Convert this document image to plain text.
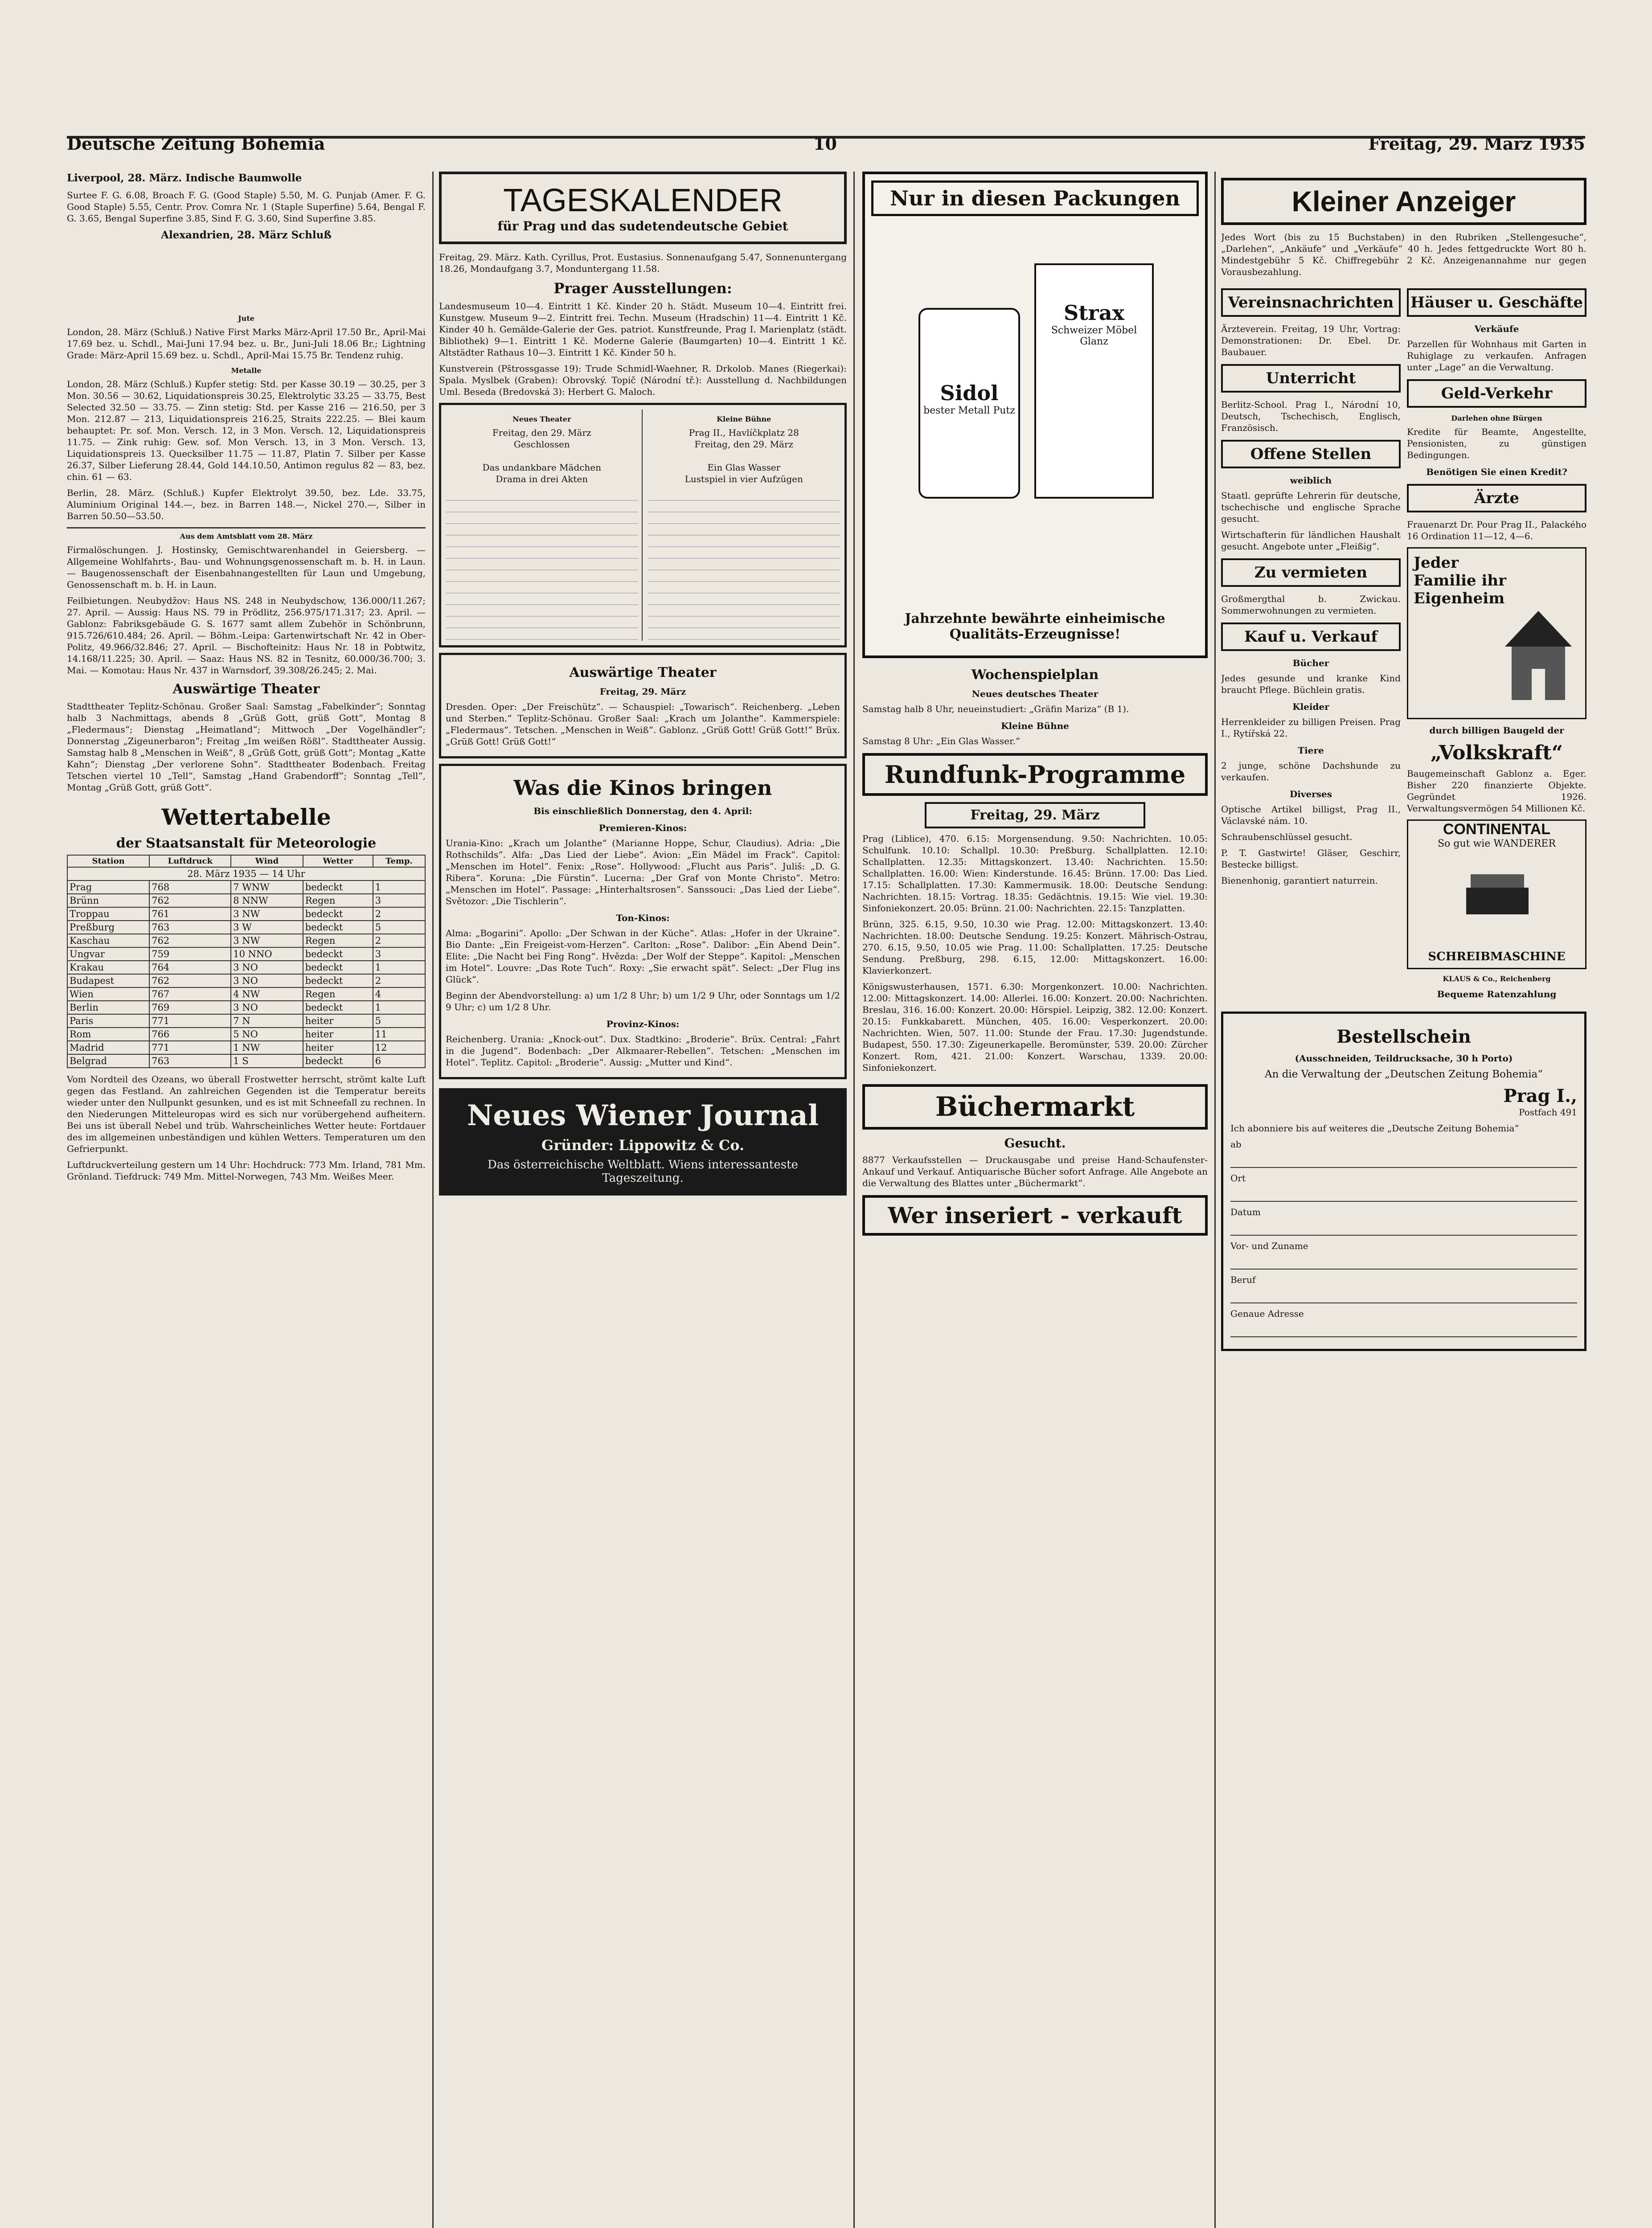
Deutsche Zeitung Bohemia	10	Freitag, 29. März 1935

Liverpool, 28. März. Indische Baumwolle

Surtee F. G. 6.08, Broach F. G. (Good Staple) 5.50, M. G. Punjab (Amer. F. G. Good Staple) 5.55, Centr. Prov. Comra Nr. 1 (Staple Superfine) 5.64, Bengal F. G. 3.65, Bengal Superfine 3.85, Sind F. G. 3.60, Sind Superfine 3.85.

Alexandrien, 28. März Schluß

Jute

London, 28. März (Schluß.) Native First Marks März-April 17.50 Br., April-Mai 17.69 bez. u. Schdl., Mai-Juni 17.94 bez. u. Br., Juni-Juli 18.06 Br.; Lightning Grade: März-April 15.69 bez. u. Schdl., April-Mai 15.75 Br. Tendenz ruhig.

Metalle

London, 28. März (Schluß.) Kupfer stetig: Std. per Kasse 30.19 — 30.25, per 3 Mon. 30.56 — 30.62, Liquidationspreis 30.25, Elektrolytic 33.25 — 33.75, Best Selected 32.50 — 33.75. — Zinn stetig: Std. per Kasse 216 — 216.50, per 3 Mon. 212.87 — 213, Liquidationspreis 216.25, Straits 222.25. — Blei kaum behauptet: Pr. sof. Mon. Versch. 12, in 3 Mon. Versch. 12, Liquidationspreis 11.75. — Zink ruhig: Gew. sof. Mon Versch. 13, in 3 Mon. Versch. 13, Liquidationspreis 13. Quecksilber 11.75 — 11.87, Platin 7. Silber per Kasse 26.37, Silber Lieferung 28.44, Gold 144.10.50, Antimon regulus 82 — 83, bez. chin. 61 — 63.

Berlin, 28. März. (Schluß.) Kupfer Elektrolyt 39.50, bez. Lde. 33.75, Aluminium Original 144.—, bez. in Barren 148.—, Nickel 270.—, Silber in Barren 50.50—53.50.

Aus dem Amtsblatt vom 28. März

Firmalöschungen. J. Hostinsky, Gemischtwarenhandel in Geiersberg. — Allgemeine Wohlfahrts-, Bau- und Wohnungsgenossenschaft m. b. H. in Laun. — Baugenossenschaft der Eisenbahnangestellten für Laun und Umgebung, Genossenschaft m. b. H. in Laun.

Feilbietungen. Neubydžov: Haus NS. 248 in Neubydschow, 136.000/11.267; 27. April. — Aussig: Haus NS. 79 in Prödlitz, 256.975/171.317; 23. April. — Gablonz: Fabriksgebäude G. S. 1677 samt allem Zubehör in Schönbrunn, 915.726/610.484; 26. April. — Böhm.-Leipa: Gartenwirtschaft Nr. 42 in Ober-Politz, 49.966/32.846; 27. April. — Bischofteinitz: Haus Nr. 18 in Pobtwitz, 14.168/11.225; 30. April. — Saaz: Haus NS. 82 in Tesnitz, 60.000/36.700; 3. Mai. — Komotau: Haus Nr. 437 in Warnsdorf, 39.308/26.245; 2. Mai.

Auswärtige Theater

Stadttheater Teplitz-Schönau. Großer Saal: Samstag „Fabelkinder“; Sonntag halb 3 Nachmittags, abends 8 „Grüß Gott, grüß Gott“, Montag 8 „Fledermaus“; Dienstag „Heimatland“; Mittwoch „Der Vogelhändler“; Donnerstag „Zigeunerbaron“; Freitag „Im weißen Rößl“. Stadttheater Aussig. Samstag halb 8 „Menschen in Weiß“, 8 „Grüß Gott, grüß Gott“; Montag „Katte Kahn“; Dienstag „Der verlorene Sohn“. Stadttheater Bodenbach. Freitag Tetschen viertel 10 „Tell“, Samstag „Hand Grabendorff“; Sonntag „Tell“, Montag „Grüß Gott, grüß Gott“.

Wettertabelle
der Staatsanstalt für Meteorologie
Station	Luftdruck	Wind	Wetter	Temp.
28. März 1935 — 14 Uhr				
Prag	768	7 WNW	bedeckt	1
Brünn	762	8 NNW	Regen	3
Troppau	761	3 NW	bedeckt	2
Preßburg	763	3 W	bedeckt	5
Kaschau	762	3 NW	Regen	2
Ungvar	759	10 NNO	bedeckt	3
Krakau	764	3 NO	bedeckt	1
Budapest	762	3 NO	bedeckt	2
Wien	767	4 NW	Regen	4
Berlin	769	3 NO	bedeckt	1
Paris	771	7 N	heiter	5
Rom	766	5 NO	heiter	11
Madrid	771	1 NW	heiter	12
Belgrad	763	1 S	bedeckt	6

Vom Nordteil des Ozeans, wo überall Frostwetter herrscht, strömt kalte Luft gegen das Festland. An zahlreichen Gegenden ist die Temperatur bereits wieder unter den Nullpunkt gesunken, und es ist mit Schneefall zu rechnen. In den Niederungen Mitteleuropas wird es sich nur vorübergehend aufheitern. Bei uns ist überall Nebel und trüb. Wahrscheinliches Wetter heute: Fortdauer des im allgemeinen unbeständigen und kühlen Wetters. Temperaturen um den Gefrierpunkt.

Luftdruckverteilung gestern um 14 Uhr: Hochdruck: 773 Mm. Irland, 781 Mm. Grönland. Tiefdruck: 749 Mm. Mittel-Norwegen, 743 Mm. Weißes Meer.

TAGESKALENDER
für Prag und das sudetendeutsche Gebiet

Freitag, 29. März. Kath. Cyrillus, Prot. Eustasius. Sonnenaufgang 5.47, Sonnenuntergang 18.26, Mondaufgang 3.7, Monduntergang 11.58.

Prager Ausstellungen:

Landesmuseum 10—4. Eintritt 1 Kč. Kinder 20 h. Städt. Museum 10—4. Eintritt frei. Kunstgew. Museum 9—2. Eintritt frei. Techn. Museum (Hradschin) 11—4. Eintritt 1 Kč. Kinder 40 h. Gemälde-Galerie der Ges. patriot. Kunstfreunde, Prag I. Marienplatz (städt. Bibliothek) 9—1. Eintritt 1 Kč. Moderne Galerie (Baumgarten) 10—4. Eintritt 1 Kč. Altstädter Rathaus 10—3. Eintritt 1 Kč. Kinder 50 h.

Kunstverein (Pštrossgasse 19): Trude Schmidl-Waehner, R. Drkolob. Manes (Riegerkai): Spala. Myslbek (Graben): Obrovský. Topič (Národní tř.): Ausstellung d. Nachbildungen Uml. Beseda (Bredovská 3): Herbert G. Maloch.

Neues Theater
Freitag, den 29. März
Geschlossen

Das undankbare Mädchen
Drama in drei Akten
Kleine Bühne
Prag II., Havlíčkplatz 28
Freitag, den 29. März

Ein Glas Wasser
Lustspiel in vier Aufzügen
Auswärtige Theater
Freitag, 29. März

Dresden. Oper: „Der Freischütz“. — Schauspiel: „Towarisch“. Reichenberg. „Leben und Sterben.“ Teplitz-Schönau. Großer Saal: „Krach um Jolanthe“. Kammerspiele: „Fledermaus“. Tetschen. „Menschen in Weiß“. Gablonz. „Grüß Gott! Grüß Gott!“ Brüx. „Grüß Gott! Grüß Gott!“

Was die Kinos bringen
Bis einschließlich Donnerstag, den 4. April:
Premieren-Kinos:

Urania-Kino: „Krach um Jolanthe“ (Marianne Hoppe, Schur, Claudius). Adria: „Die Rothschilds“. Alfa: „Das Lied der Liebe“. Avion: „Ein Mädel im Frack“. Capitol: „Menschen im Hotel“. Fenix: „Rose“. Hollywood: „Flucht aus Paris“. Juliš: „D. G. Ribera“. Koruna: „Die Fürstin“. Lucerna: „Der Graf von Monte Christo“. Metro: „Menschen im Hotel“. Passage: „Hinterhaltsrosen“. Sanssouci: „Das Lied der Liebe“. Světozor: „Die Tischlerin“.

Ton-Kinos:

Alma: „Bogarini“. Apollo: „Der Schwan in der Küche“. Atlas: „Hofer in der Ukraine“. Bio Dante: „Ein Freigeist-vom-Herzen“. Carlton: „Rose“. Dalibor: „Ein Abend Dein“. Elite: „Die Nacht bei Fing Rong“. Hvězda: „Der Wolf der Steppe“. Kapitol: „Menschen im Hotel“. Louvre: „Das Rote Tuch“. Roxy: „Sie erwacht spät“. Select: „Der Flug ins Glück“.

Beginn der Abendvorstellung: a) um 1/2 8 Uhr; b) um 1/2 9 Uhr, oder Sonntags um 1/2 9 Uhr; c) um 1/2 8 Uhr.

Provinz-Kinos:

Reichenberg. Urania: „Knock-out“. Dux. Stadtkino: „Broderie“. Brüx. Central: „Fahrt in die Jugend“. Bodenbach: „Der Alkmaarer-Rebellen“. Tetschen: „Menschen im Hotel“. Teplitz. Capitol: „Broderie“. Aussig: „Mutter und Kind“.

Neues Wiener Journal
Gründer: Lippowitz & Co.
Das österreichische Weltblatt. Wiens interessanteste Tageszeitung.
Nur in diesen Packungen
Sidol
bester Metall Putz
Strax
Schweizer Möbel Glanz
Jahrzehnte bewährte einheimische Qualitäts-Erzeugnisse!
Wochenspielplan
Neues deutsches Theater

Samstag halb 8 Uhr, neueinstudiert: „Gräfin Mariza“ (B 1).

Kleine Bühne

Samstag 8 Uhr: „Ein Glas Wasser.“

Rundfunk-Programme
Freitag, 29. März

Prag (Liblice), 470. 6.15: Morgensendung. 9.50: Nachrichten. 10.05: Schulfunk. 10.10: Schallpl. 10.30: Preßburg. Schallplatten. 12.10: Schallplatten. 12.35: Mittagskonzert. 13.40: Nachrichten. 15.50: Schallplatten. 16.00: Wien: Kinderstunde. 16.45: Brünn. 17.00: Das Lied. 17.15: Schallplatten. 17.30: Kammermusik. 18.00: Deutsche Sendung: Nachrichten. 18.15: Vortrag. 18.35: Gedächtnis. 19.15: Wie viel. 19.30: Sinfoniekonzert. 20.05: Brünn. 21.00: Nachrichten. 22.15: Tanzplatten.

Brünn, 325. 6.15, 9.50, 10.30 wie Prag. 12.00: Mittagskonzert. 13.40: Nachrichten. 18.00: Deutsche Sendung. 19.25: Konzert. Mährisch-Ostrau, 270. 6.15, 9.50, 10.05 wie Prag. 11.00: Schallplatten. 17.25: Deutsche Sendung. Preßburg, 298. 6.15, 12.00: Mittagskonzert. 16.00: Klavierkonzert.

Königswusterhausen, 1571. 6.30: Morgenkonzert. 10.00: Nachrichten. 12.00: Mittagskonzert. 14.00: Allerlei. 16.00: Konzert. 20.00: Nachrichten. Breslau, 316. 16.00: Konzert. 20.00: Hörspiel. Leipzig, 382. 12.00: Konzert. 20.15: Funkkabarett. München, 405. 16.00: Vesperkonzert. 20.00: Nachrichten. Wien, 507. 11.00: Stunde der Frau. 17.30: Jugendstunde. Budapest, 550. 17.30: Zigeunerkapelle. Beromünster, 539. 20.00: Zürcher Konzert. Rom, 421. 21.00: Konzert. Warschau, 1339. 20.00: Sinfoniekonzert.

Büchermarkt
Gesucht.

8877 Verkaufsstellen — Druckausgabe und preise Hand-Schaufenster-Ankauf und Verkauf. Antiquarische Bücher sofort Anfrage. Alle Angebote an die Verwaltung des Blattes unter „Büchermarkt“.

Wer inseriert - verkauft
Kleiner Anzeiger

Jedes Wort (bis zu 15 Buchstaben) in den Rubriken „Stellengesuche“, „Darlehen“, „Ankäufe“ und „Verkäufe“ 40 h. Jedes fettgedruckte Wort 80 h. Mindestgebühr 5 Kč. Chiffregebühr 2 Kč. Anzeigenannahme nur gegen Vorausbezahlung.

Vereinsnachrichten

Ärzteverein. Freitag, 19 Uhr, Vortrag: Demonstrationen: Dr. Ebel. Dr. Baubauer.

Unterricht

Berlitz-School. Prag I., Národní 10, Deutsch, Tschechisch, Englisch, Französisch.

Offene Stellen
weiblich

Staatl. geprüfte Lehrerin für deutsche, tschechische und englische Sprache gesucht.

Wirtschafterin für ländlichen Haushalt gesucht. Angebote unter „Fleißig“.

Zu vermieten

Großmergthal b. Zwickau. Sommerwohnungen zu vermieten.

Kauf u. Verkauf
Bücher

Jedes gesunde und kranke Kind braucht Pflege. Büchlein gratis.

Kleider

Herrenkleider zu billigen Preisen. Prag I., Rytířská 22.

Tiere

2 junge, schöne Dachshunde zu verkaufen.

Diverses

Optische Artikel billigst, Prag II., Václavské nám. 10.

Schraubenschlüssel gesucht.

P. T. Gastwirte! Gläser, Geschirr, Bestecke billigst.

Bienenhonig, garantiert naturrein.

Häuser u. Geschäfte
Verkäufe

Parzellen für Wohnhaus mit Garten in Ruhiglage zu verkaufen. Anfragen unter „Lage“ an die Verwaltung.

Geld-Verkehr
Darlehen ohne Bürgen

Kredite für Beamte, Angestellte, Pensionisten, zu günstigen Bedingungen.

Benötigen Sie einen Kredit?
Ärzte

Frauenarzt Dr. Pour Prag II., Palackého 16 Ordination 11—12, 4—6.

Jeder Familie ihr Eigenheim
durch billigen Baugeld der
„Volkskraft“

Baugemeinschaft Gablonz a. Eger. Bisher 220 finanzierte Objekte. Gegründet 1926. Verwaltungsvermögen 54 Millionen Kč.

CONTINENTAL
So gut wie WANDERER
SCHREIBMASCHINE
KLAUS & Co., Reichenberg
Bequeme Ratenzahlung
Bestellschein
(Ausschneiden, Teildrucksache, 30 h Porto)
An die Verwaltung der „Deutschen Zeitung Bohemia“
Prag I.,
Postfach 491

Ich abonniere bis auf weiteres die „Deutsche Zeitung Bohemia“

ab
Ort
Datum
Vor- und Zuname
Beruf
Genaue Adresse
